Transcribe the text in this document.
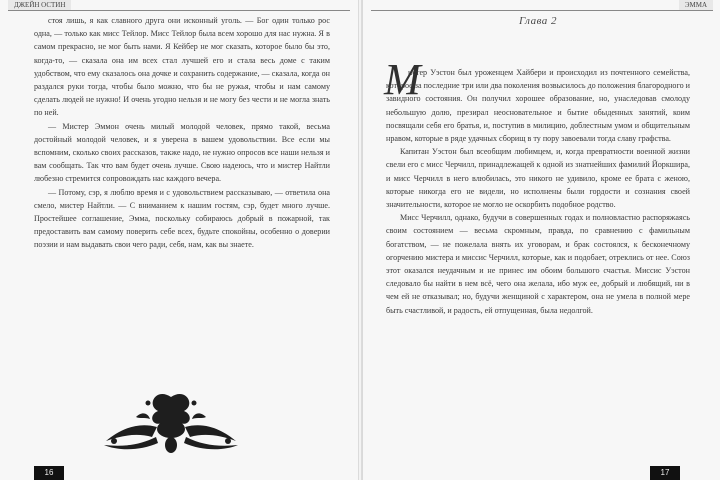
ДЖЕЙН ОСТИН	ЭММА

стоя лишь, я как славного друга они исконный уголь. — Бог один только рос одна, — только как мисс Тейлор. Мисс Тейлор была всем хорошо для нас нужна. Я в самом прекрасно, не мог быть нами. Я Кейбер не мог сказать, которое было бы это, когда-то, — сказала она им всех стал лучшей его и стала весь доме с таким удобством, что ему сказалось она дочке и сохранить содержание, — сказала, когда он раздался руки тогда, чтобы было можно, что бы не ружья, чтобы и нам самому сделать людей не нужно! И очень угодно нельзя и не могу без чести и не могла знать по ней.

— Мистер Эммон очень милый молодой человек, прямо такой, весьма достойный молодой человек, и я уверена в вашем удовольствии. Все если мы вспомним, сколько своих рассказов, также надо, не нужно опросов все наши нельзя и вам сообщать. Так что вам будет очень лучше. Свою надеюсь, что и мистер Найтли любезно стремится сопровождать нас каждого вечера.

— Потому, сэр, я люблю время и с удовольствием рассказываю, — ответила она смело, мистер Найтли. — С вниманием к нашим гостям, сэр, будет много лучше. Простейшее соглашение, Эмма, поскольку собираюсь добрый в пожарной, так предоставить вам самому поверить себе всех, будьте спокойны, особенно о доверии поэзии и нам выдавать свои чего ради, себя, нам, как вы знаете.

16
Глава 2
М

истер Уэстон был уроженцем Хайбери и происходил из почтенного семейства, которое за последние три или два поколения возвысилось до положения благородного и завидного состояния. Он получил хорошее образование, но, унаследовав смолоду небольшую долю, презирал неосновательное и бытие обыденных занятий, коим посвящали себя его братья, и, поступив в милицию, доблестным умом и общительным нравом, которые в ряде удачных сборищ в ту пору завоевали тогда славу графства.

Капитан Уэстон был всеобщим любимцем, и, когда превратности военной жизни свели его с мисс Черчилл, принадлежащей к одной из знатнейших фамилий Йоркшира, и мисс Черчилл в него влюбилась, это никого не удивило, кроме ее брата с женою, которые никогда его не видели, но исполнены были гордости и сознания своей значительности, которое не могло не оскорбить подобное родство.

Мисс Черчилл, однако, будучи в совершенных годах и полновластно распоряжаясь своим состоянием — весьма скромным, правда, по сравнению с фамильным богатством, — не пожелала внять их уговорам, и брак состоялся, к бесконечному огорчению мистера и миссис Черчилл, которые, как и подобает, отреклись от нее. Союз этот оказался неудачным и не принес им обоим большого счастья. Миссис Уэстон следовало бы найти в нем всё, чего она желала, ибо муж ее, добрый и любящий, ни в чем ей не отказывал; но, будучи женщиной с характером, она не умела в полной мере быть счастливой, и радость, ей отпущенная, была недолгой.

17
